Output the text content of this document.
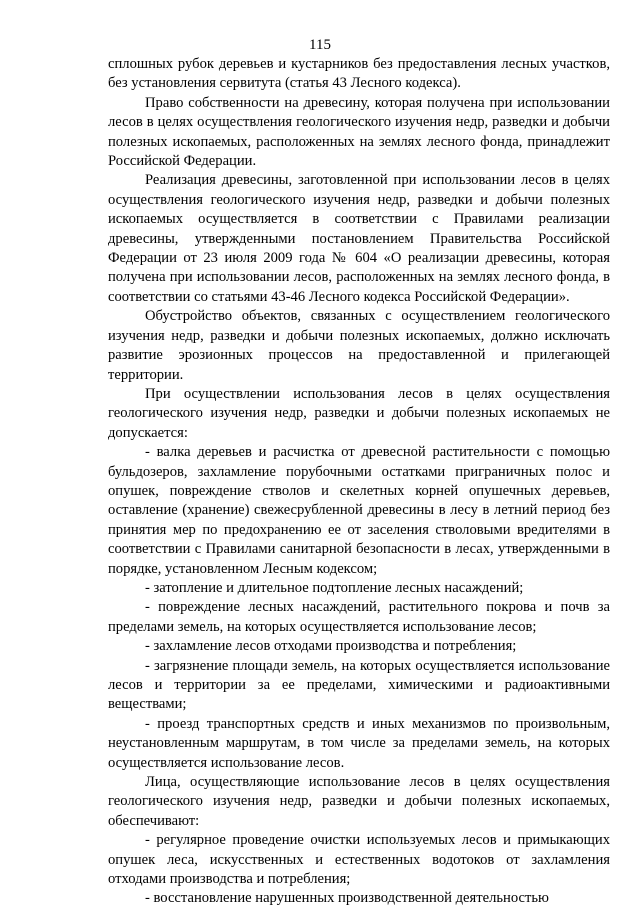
115

сплошных рубок деревьев и кустарников без предоставления лесных участков, без установления сервитута (статья 43 Лесного кодекса).

Право собственности на древесину, которая получена при использовании лесов в целях осуществления геологического изучения недр, разведки и добычи полезных ископаемых, расположенных на землях лесного фонда, принадлежит Российской Федерации.

Реализация древесины, заготовленной при использовании лесов в целях осуществления геологического изучения недр, разведки и добычи полезных ископаемых осуществляется в соответствии с Правилами реализации древесины, утвержденными постановлением Правительства Российской Федерации от 23 июля 2009 года № 604 «О реализации древесины, которая получена при использовании лесов, расположенных на землях лесного фонда, в соответствии со статьями 43-46 Лесного кодекса Российской Федерации».

Обустройство объектов, связанных с осуществлением геологического изучения недр, разведки и добычи полезных ископаемых, должно исключать развитие эрозионных процессов на предоставленной и прилегающей территории.

При осуществлении использования лесов в целях осуществления геологического изучения недр, разведки и добычи полезных ископаемых не допускается:

- валка деревьев и расчистка от древесной растительности с помощью бульдозеров, захламление порубочными остатками приграничных полос и опушек, повреждение стволов и скелетных корней опушечных деревьев, оставление (хранение) свежесрубленной древесины в лесу в летний период без принятия мер по предохранению ее от заселения стволовыми вредителями в соответствии с Правилами санитарной безопасности в лесах, утвержденными в порядке, установленном Лесным кодексом;

- затопление и длительное подтопление лесных насаждений;

- повреждение лесных насаждений, растительного покрова и почв за пределами земель, на которых осуществляется использование лесов;

- захламление лесов отходами производства и потребления;

- загрязнение площади земель, на которых осуществляется использование лесов и территории за ее пределами, химическими и радиоактивными веществами;

- проезд транспортных средств и иных механизмов по произвольным, неустановленным маршрутам, в том числе за пределами земель, на которых осуществляется использование лесов.

Лица, осуществляющие использование лесов в целях осуществления геологического изучения недр, разведки и добычи полезных ископаемых, обеспечивают:

- регулярное проведение очистки используемых лесов и примыкающих опушек леса, искусственных и естественных водотоков от захламления отходами производства и потребления;

- восстановление нарушенных производственной деятельностью
